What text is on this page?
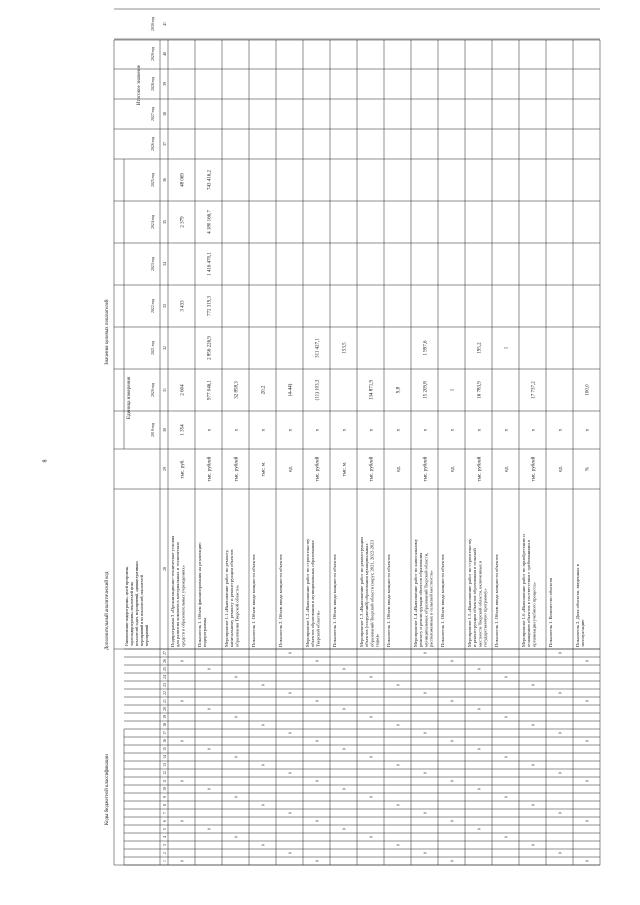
8
1
2
3
4
5
6
7
8
9
10
11
12
13
14
15
16
17
18
19
20
21
22
23
24
25
26
27
28
29
30
31
32
33
34
35
36
37
38
39
40
41
2019 год
2020 год
2021 год
2022 год
2023 год
2024 год
2025 год
2026 год
2027 год
2028 год
2029 год
2030 год
Наименование подпрограммы, целей программы, задач подпрограммы, показателей цели, показателей задач, мероприятий, административных мероприятий и их показателей, показателей мероприятий
0
0
0
0
0
0
Подпрограмма 3 «Организационно-технические условия для развития комплекса материальных и технических средств в образовательных учреждениях»
тыс. руб.
1 354
2 604
3 433
2 379
48 069
0
0
0
0
0
Показатель 1. Объем финансирования на реализацию подпрограммы
тыс. рублей
х
977 046,1
2 856 226,9
772 319,3
1 416 470,1
4 180 166,7
743 416,2
0
0
0
0
0
Мероприятие 1.1 «Выполнение работ по ремонту, капитальному ремонту и реконструкции объектов образования Тверской области»
тыс. рублей
х
32 858,3
0
0
0
0
0
Показатель 1. Объем ввода мощности объектов
тыс. м.
х
20,2
0
0
0
0
0
0
Показатель 2. Объем ввода мощности объектов
ед.
х
(4-44)
0
0
0
0
0
0
Мероприятие 1.2 «Выполнение работ по строительству объектов образования в муниципальных образованиях Тверской области»
тыс. рублей
х
(11) 103,3
311 427,1
0
0
0
0
0
Показатель 1. Объем ввода мощности объектов
тыс. м.
х
153,5
0
0
0
0
0
Мероприятие 1.3 «Выполнение работ по реконструкции объектов (сооружений) образования муниципальных образований Тверской области (округ, 2021, 2022-2023 годы)»
тыс. рублей
х
134 871,9
0
0
0
0
0
Показатель 1. Объем ввода мощности объектов
ед.
х
9,8
0
0
0
0
0
0
Мероприятие 1.4 «Выполнение работ по капитальному ремонту и реконструкции объектов образования муниципальных образований Тверской области, расположенных в сельской местности»
тыс. рублей
х
15 209,8
1 997,6
0
0
0
0
0
0
Показатель 1. Объем ввода мощности объектов
ед.
х
1
0
0
0
0
0
Мероприятие 1.5 «Выполнение работ по строительству и реконструкции объектов образования в сельской местности Тверской области, включенных в государственную программу»
тыс. рублей
х
16 783,9
195,2
0
0
0
0
0
Показатель 1. Объем ввода мощности объектов
ед.
х
1
0
0
0
0
0
Мероприятие 1.6 «Выполнение работ по приобретению и оснащению объектов в соответствии с требованиями к организации учебного процесса»
тыс. рублей
х
17 737,2
0
0
0
0
0
0
Показатель 1. Количество объектов
ед.
х
0
0
0
0
0
0
Показатель 2. Доля объектов, введенных в эксплуатацию
%
х
100,0
Коды бюджетной классификации
Дополнительный аналитический код
Значения целевых показателей
Единица измерения
Итоговое значение
